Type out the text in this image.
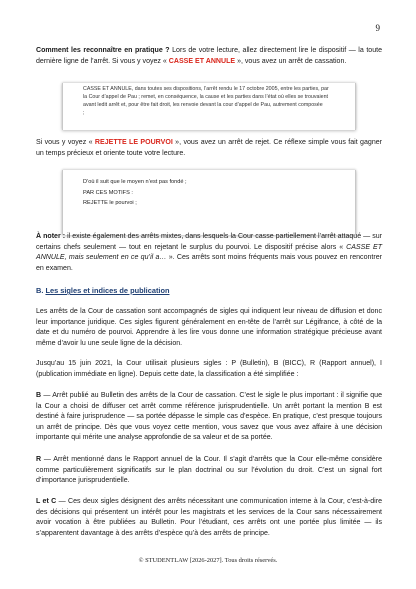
9

Comment les reconnaître en pratique ? Lors de votre lecture, allez directement lire le dispositif — la toute dernière ligne de l’arrêt. Si vous y voyez « CASSE ET ANNULE », vous avez un arrêt de cassation.

CASSE ET ANNULE, dans toutes ses dispositions, l’arrêt rendu le 17 octobre 2005, entre les parties, par
la Cour d’appel de Pau ; remet, en conséquence, la cause et les parties dans l’état où elles se trouvaient
avant ledit arrêt et, pour être fait droit, les renvoie devant la cour d’appel de Pau, autrement composée
;

Si vous y voyez « REJETTE LE POURVOI », vous avez un arrêt de rejet. Ce réflexe simple vous fait gagner un temps précieux et oriente toute votre lecture.

D’où il suit que le moyen n’est pas fondé ;
PAR CES MOTIFS :
REJETTE le pourvoi ;

À noter : il existe également des arrêts mixtes, dans lesquels la Cour casse partiellement l’arrêt attaqué — sur certains chefs seulement — tout en rejetant le surplus du pourvoi. Le dispositif précise alors « CASSE ET ANNULE, mais seulement en ce qu’il a… ». Ces arrêts sont moins fréquents mais vous pouvez en rencontrer en examen.

B. Les sigles et indices de publication

Les arrêts de la Cour de cassation sont accompagnés de sigles qui indiquent leur niveau de diffusion et donc leur importance juridique. Ces sigles figurent généralement en en-tête de l’arrêt sur Légifrance, à côté de la date et du numéro de pourvoi. Apprendre à les lire vous donne une information stratégique précieuse avant même d’avoir lu une seule ligne de la décision.

Jusqu’au 15 juin 2021, la Cour utilisait plusieurs sigles : P (Bulletin), B (BICC), R (Rapport annuel), I (publication immédiate en ligne). Depuis cette date, la classification a été simplifiée :

B — Arrêt publié au Bulletin des arrêts de la Cour de cassation. C’est le sigle le plus important : il signifie que la Cour a choisi de diffuser cet arrêt comme référence jurisprudentielle. Un arrêt portant la mention B est destiné à faire jurisprudence — sa portée dépasse le simple cas d’espèce. En pratique, c’est presque toujours un arrêt de principe. Dès que vous voyez cette mention, vous savez que vous avez affaire à une décision importante qui mérite une analyse approfondie de sa valeur et de sa portée.

R — Arrêt mentionné dans le Rapport annuel de la Cour. Il s’agit d’arrêts que la Cour elle-même considère comme particulièrement significatifs sur le plan doctrinal ou sur l’évolution du droit. C’est un signal fort d’importance jurisprudentielle.

L et C — Ces deux sigles désignent des arrêts nécessitant une communication interne à la Cour, c’est-à-dire des décisions qui présentent un intérêt pour les magistrats et les services de la Cour sans nécessairement avoir vocation à être publiées au Bulletin. Pour l’étudiant, ces arrêts ont une portée plus limitée — ils s’apparentent davantage à des arrêts d’espèce qu’à des arrêts de principe.

© STUDENTLAW [2026-2027]. Tous droits réservés.
